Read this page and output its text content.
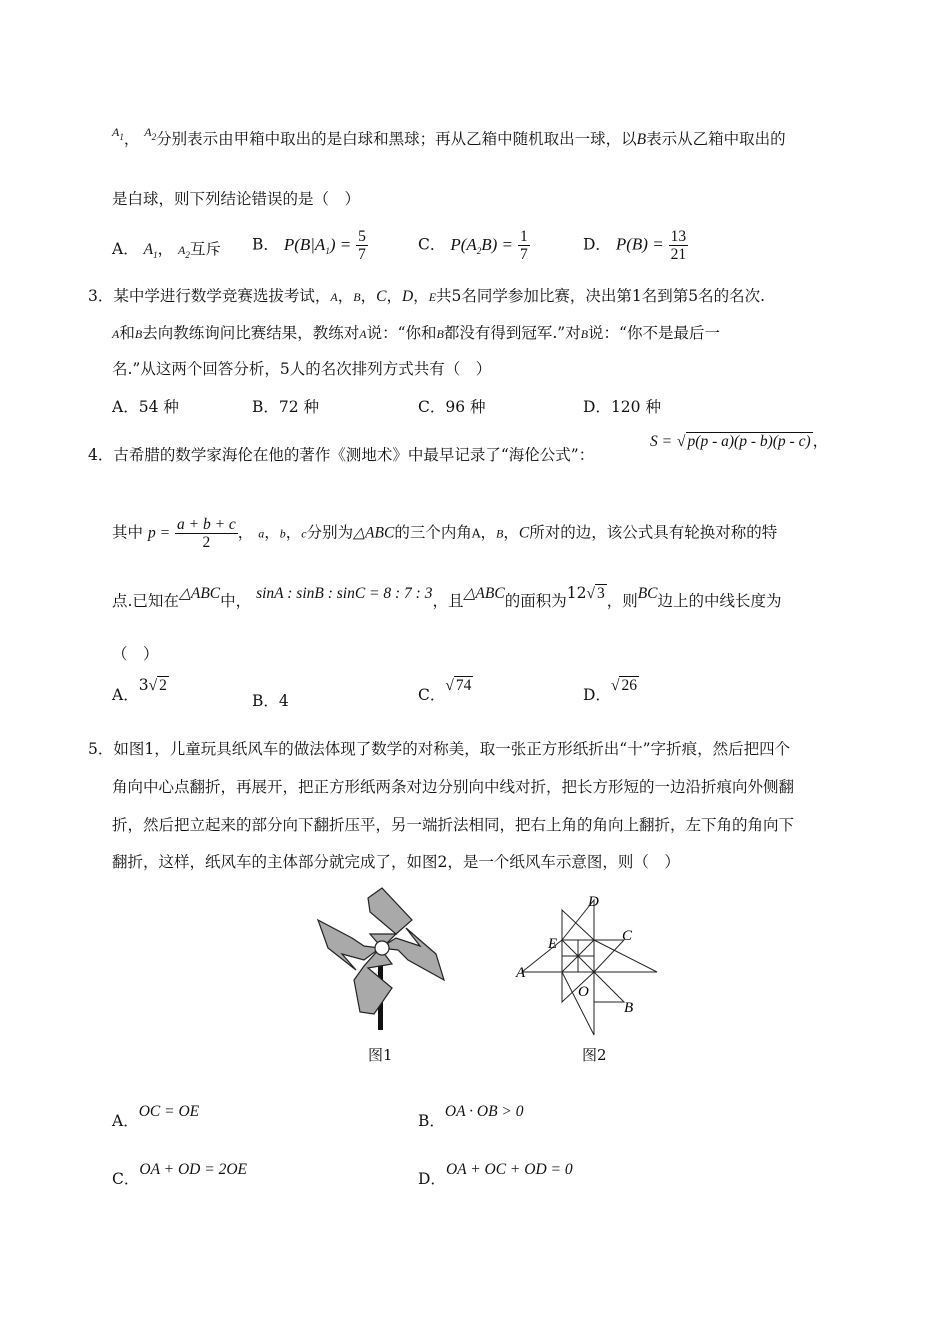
$^{A_1}$， $^{A_2}$分别表示由甲箱中取出的是白球和黑球；再从乙箱中随机取出一球，以B表示从乙箱中取出的
是白球，则下列结论错误的是（　）
A． $A_1$， $A_2$互斥 B． $P(B|A_1) = \frac{5}{7}$	C． $P(A_2B) = \frac{1}{7}$	D． $P(B) = \frac{13}{21}$
3．某中学进行数学竞赛选拔考试，A，B，C，D，E共5名同学参加比赛，决出第1名到第5名的名次.
A和B去向教练询问比赛结果，教练对A说：“你和B都没有得到冠军.”对B说：“你不是最后一
名.”从这两个回答分析，5人的名次排列方式共有（　）
A．54 种	B．72 种	C．96 种	D．120 种
4．古希腊的数学家海伦在他的著作《测地术》中最早记录了“海伦公式”：
S = √ p(p - a)(p - b)(p - c) ，
其中 $p = \frac{a + b + c}{2}$ ， a，b，c分别为△ABC的三个内角A，B，C所对的边，该公式具有轮换对称的特
点.已知在△ABC中， sinA : sinB : sinC = 8 : 7 : 3，且△ABC的面积为12√ 3 ，则BC边上的中线长度为
（　）
A．3√ 2
B．4	C．√ 74
D．√ 26
5．如图1，儿童玩具纸风车的做法体现了数学的对称美，取一张正方形纸折出“十”字折痕，然后把四个
角向中心点翻折，再展开，把正方形纸两条对边分别向中线对折，把长方形短的一边沿折痕向外侧翻
折，然后把立起来的部分向下翻折压平，另一端折法相同，把右上角的角向上翻折，左下角的角向下
翻折，这样，纸风车的主体部分就完成了，如图2，是一个纸风车示意图，则（　）
图1
D
E	C
A
O
B
图2
A．OC = OE
B．OA · OB > 0
C．OA + OD = 2OE
D．OA + OC + OD = 0
